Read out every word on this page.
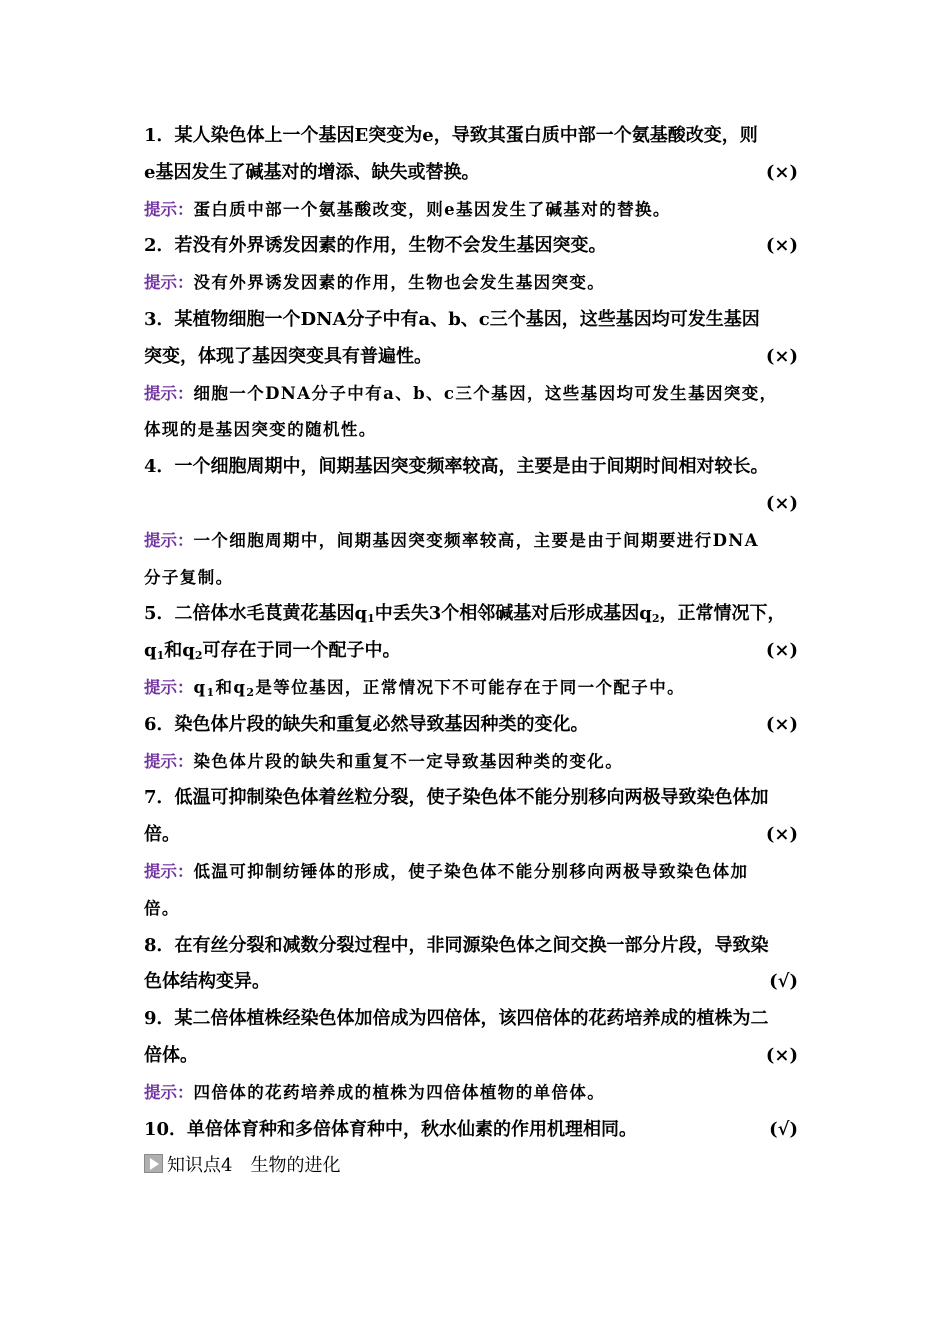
1．某人染色体上一个基因E突变为e，导致其蛋白质中部一个氨基酸改变，则
e基因发生了碱基对的增添、缺失或替换。	(×)
提示：蛋白质中部一个氨基酸改变，则e基因发生了碱基对的替换。
2．若没有外界诱发因素的作用，生物不会发生基因突变。	(×)
提示：没有外界诱发因素的作用，生物也会发生基因突变。
3．某植物细胞一个DNA分子中有a、b、c三个基因，这些基因均可发生基因
突变，体现了基因突变具有普遍性。	(×)
提示：细胞一个DNA分子中有a、b、c三个基因，这些基因均可发生基因突变，
体现的是基因突变的随机性。
4．一个细胞周期中，间期基因突变频率较高，主要是由于间期时间相对较长。
(×)
提示：一个细胞周期中，间期基因突变频率较高，主要是由于间期要进行DNA
分子复制。
5．二倍体水毛茛黄花基因$q_1$中丢失3个相邻碱基对后形成基因$q_2$，正常情况下，
$q_1$和$q_2$可存在于同一个配子中。	(×)
提示：$q_1$和$q_2$是等位基因，正常情况下不可能存在于同一个配子中。
6．染色体片段的缺失和重复必然导致基因种类的变化。	(×)
提示：染色体片段的缺失和重复不一定导致基因种类的变化。
7．低温可抑制染色体着丝粒分裂，使子染色体不能分别移向两极导致染色体加
倍。	(×)
提示：低温可抑制纺锤体的形成，使子染色体不能分别移向两极导致染色体加
倍。
8．在有丝分裂和减数分裂过程中，非同源染色体之间交换一部分片段，导致染
色体结构变异。	(√)
9．某二倍体植株经染色体加倍成为四倍体，该四倍体的花药培养成的植株为二
倍体。	(×)
提示：四倍体的花药培养成的植株为四倍体植物的单倍体。
10．单倍体育种和多倍体育种中，秋水仙素的作用机理相同。	(√)
知识点4 生物的进化
